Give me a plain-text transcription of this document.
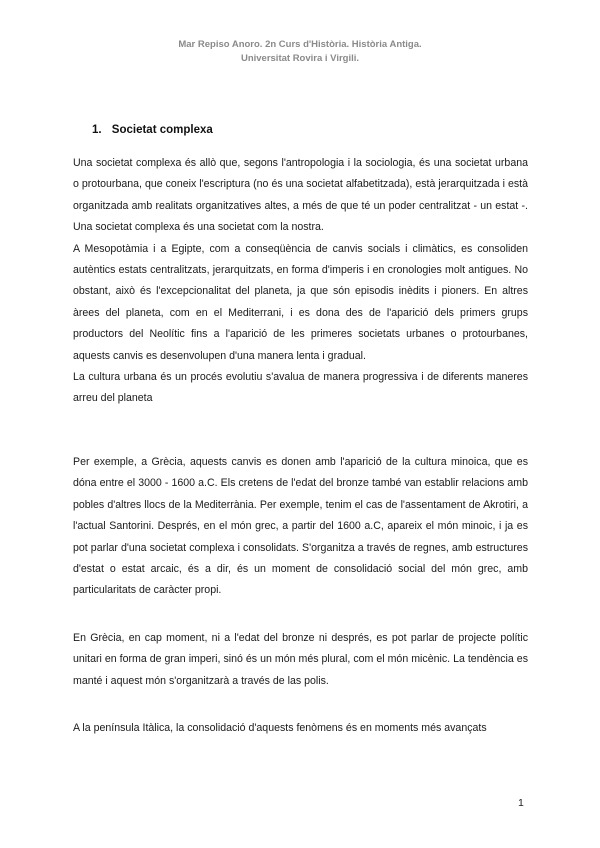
Mar Repiso Anoro. 2n Curs d'Història. Història Antiga.
Universitat Rovira i Virgili.
1. Societat complexa

Una societat complexa és allò que, segons l'antropologia i la sociologia, és una societat urbana o protourbana, que coneix l'escriptura (no és una societat alfabetitzada), està jerarquitzada i està organitzada amb realitats organitzatives altes, a més de que té un poder centralitzat - un estat -. Una societat complexa és una societat com la nostra.

A Mesopotàmia i a Egipte, com a conseqüència de canvis socials i climàtics, es consoliden autèntics estats centralitzats, jerarquitzats, en forma d'imperis i en cronologies molt antigues. No obstant, això és l'excepcionalitat del planeta, ja que són episodis inèdits i pioners. En altres àrees del planeta, com en el Mediterrani, i es dona des de l'aparició dels primers grups productors del Neolític fins a l'aparició de les primeres societats urbanes o protourbanes, aquests canvis es desenvolupen d'una manera lenta i gradual.

La cultura urbana és un procés evolutiu s'avalua de manera progressiva i de diferents maneres arreu del planeta

Per exemple, a Grècia, aquests canvis es donen amb l'aparició de la cultura minoica, que es dóna entre el 3000 - 1600 a.C. Els cretens de l'edat del bronze també van establir relacions amb pobles d'altres llocs de la Mediterrània. Per exemple, tenim el cas de l'assentament de Akrotiri, a l'actual Santorini. Després, en el món grec, a partir del 1600 a.C, apareix el món minoic, i ja es pot parlar d'una societat complexa i consolidats. S'organitza a través de regnes, amb estructures d'estat o estat arcaic, és a dir, és un moment de consolidació social del món grec, amb particularitats de caràcter propi.

En Grècia, en cap moment, ni a l'edat del bronze ni després, es pot parlar de projecte polític unitari en forma de gran imperi, sinó és un món més plural, com el món micènic. La tendència es manté i aquest món s'organitzarà a través de las polis.

A la península Itàlica, la consolidació d'aquests fenòmens és en moments més avançats

1
